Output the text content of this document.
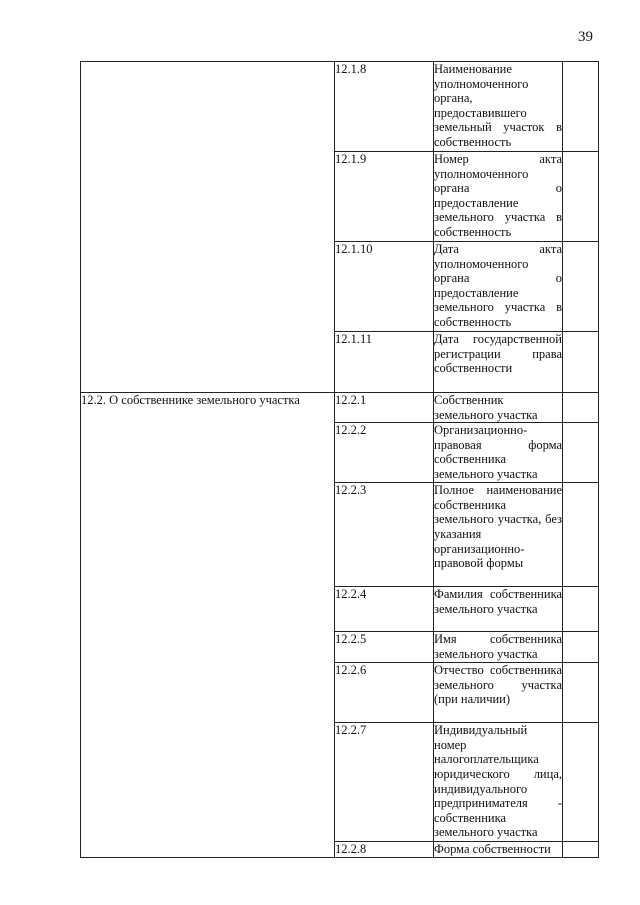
39
	12.1.8	Наименование уполномоченного органа, предоставившего земельный участок в собственность	
	12.1.9	Номер акта уполномоченного органа о предоставление земельного участка в собственность	
	12.1.10	Дата акта уполномоченного органа о предоставление земельного участка в собственность	
	12.1.11	Дата государственной регистрации права собственности	
12.2. О собственнике земельного участка	12.2.1	Собственник земельного участка	
	12.2.2	Организационно-правовая форма собственника земельного участка	
	12.2.3	Полное наименование собственника земельного участка, без указания организационно-правовой формы	
	12.2.4	Фамилия собственника земельного участка	
	12.2.5	Имя собственника земельного участка	
	12.2.6	Отчество собственника земельного участка (при наличии)	
	12.2.7	Индивидуальный номер налогоплательщика юридического лица, индивидуального предпринимателя - собственника земельного участка	
	12.2.8	Форма собственности	
